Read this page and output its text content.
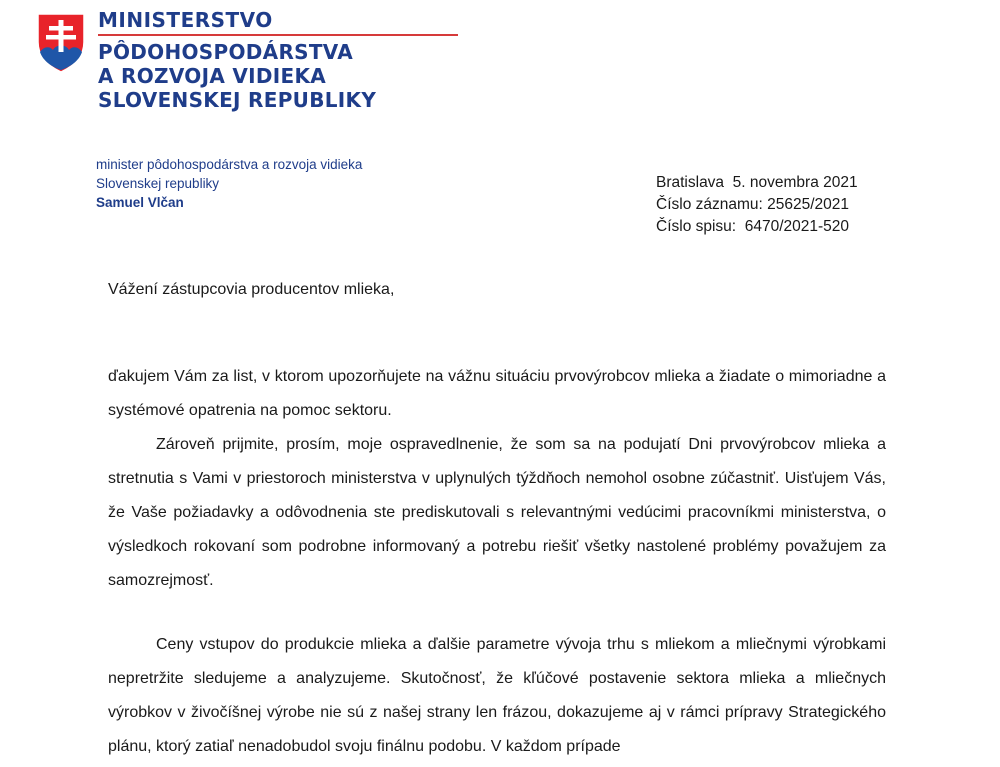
MINISTERSTVO
PÔDOHOSPODÁRSTVA
A ROZVOJA VIDIEKA
SLOVENSKEJ REPUBLIKY
minister pôdohospodárstva a rozvoja vidieka
Slovenskej republiky
Samuel Vlčan
Bratislava  5. novembra 2021
Číslo záznamu: 25625/2021
Číslo spisu:  6470/2021-520
Vážení zástupcovia producentov mlieka,

ďakujem Vám za list, v ktorom upozorňujete na vážnu situáciu prvovýrobcov mlieka a žiadate o mimoriadne a systémové opatrenia na pomoc sektoru.

Zároveň prijmite, prosím, moje ospravedlnenie, že som sa na podujatí Dni prvovýrobcov mlieka a stretnutia s Vami v priestoroch ministerstva v uplynulých týždňoch nemohol osobne zúčastniť. Uisťujem Vás, že Vaše požiadavky a odôvodnenia ste prediskutovali s relevantnými vedúcimi pracovníkmi ministerstva, o výsledkoch rokovaní som podrobne informovaný a potrebu riešiť všetky nastolené problémy považujem za samozrejmosť.

Ceny vstupov do produkcie mlieka a ďalšie parametre vývoja trhu s mliekom a mliečnymi výrobkami nepretržite sledujeme a analyzujeme. Skutočnosť, že kľúčové postavenie sektora mlieka a mliečnych výrobkov v živočíšnej výrobe nie sú z našej strany len frázou, dokazujeme aj v rámci prípravy Strategického plánu, ktorý zatiaľ nenadobudol svoju finálnu podobu. V každom prípade
